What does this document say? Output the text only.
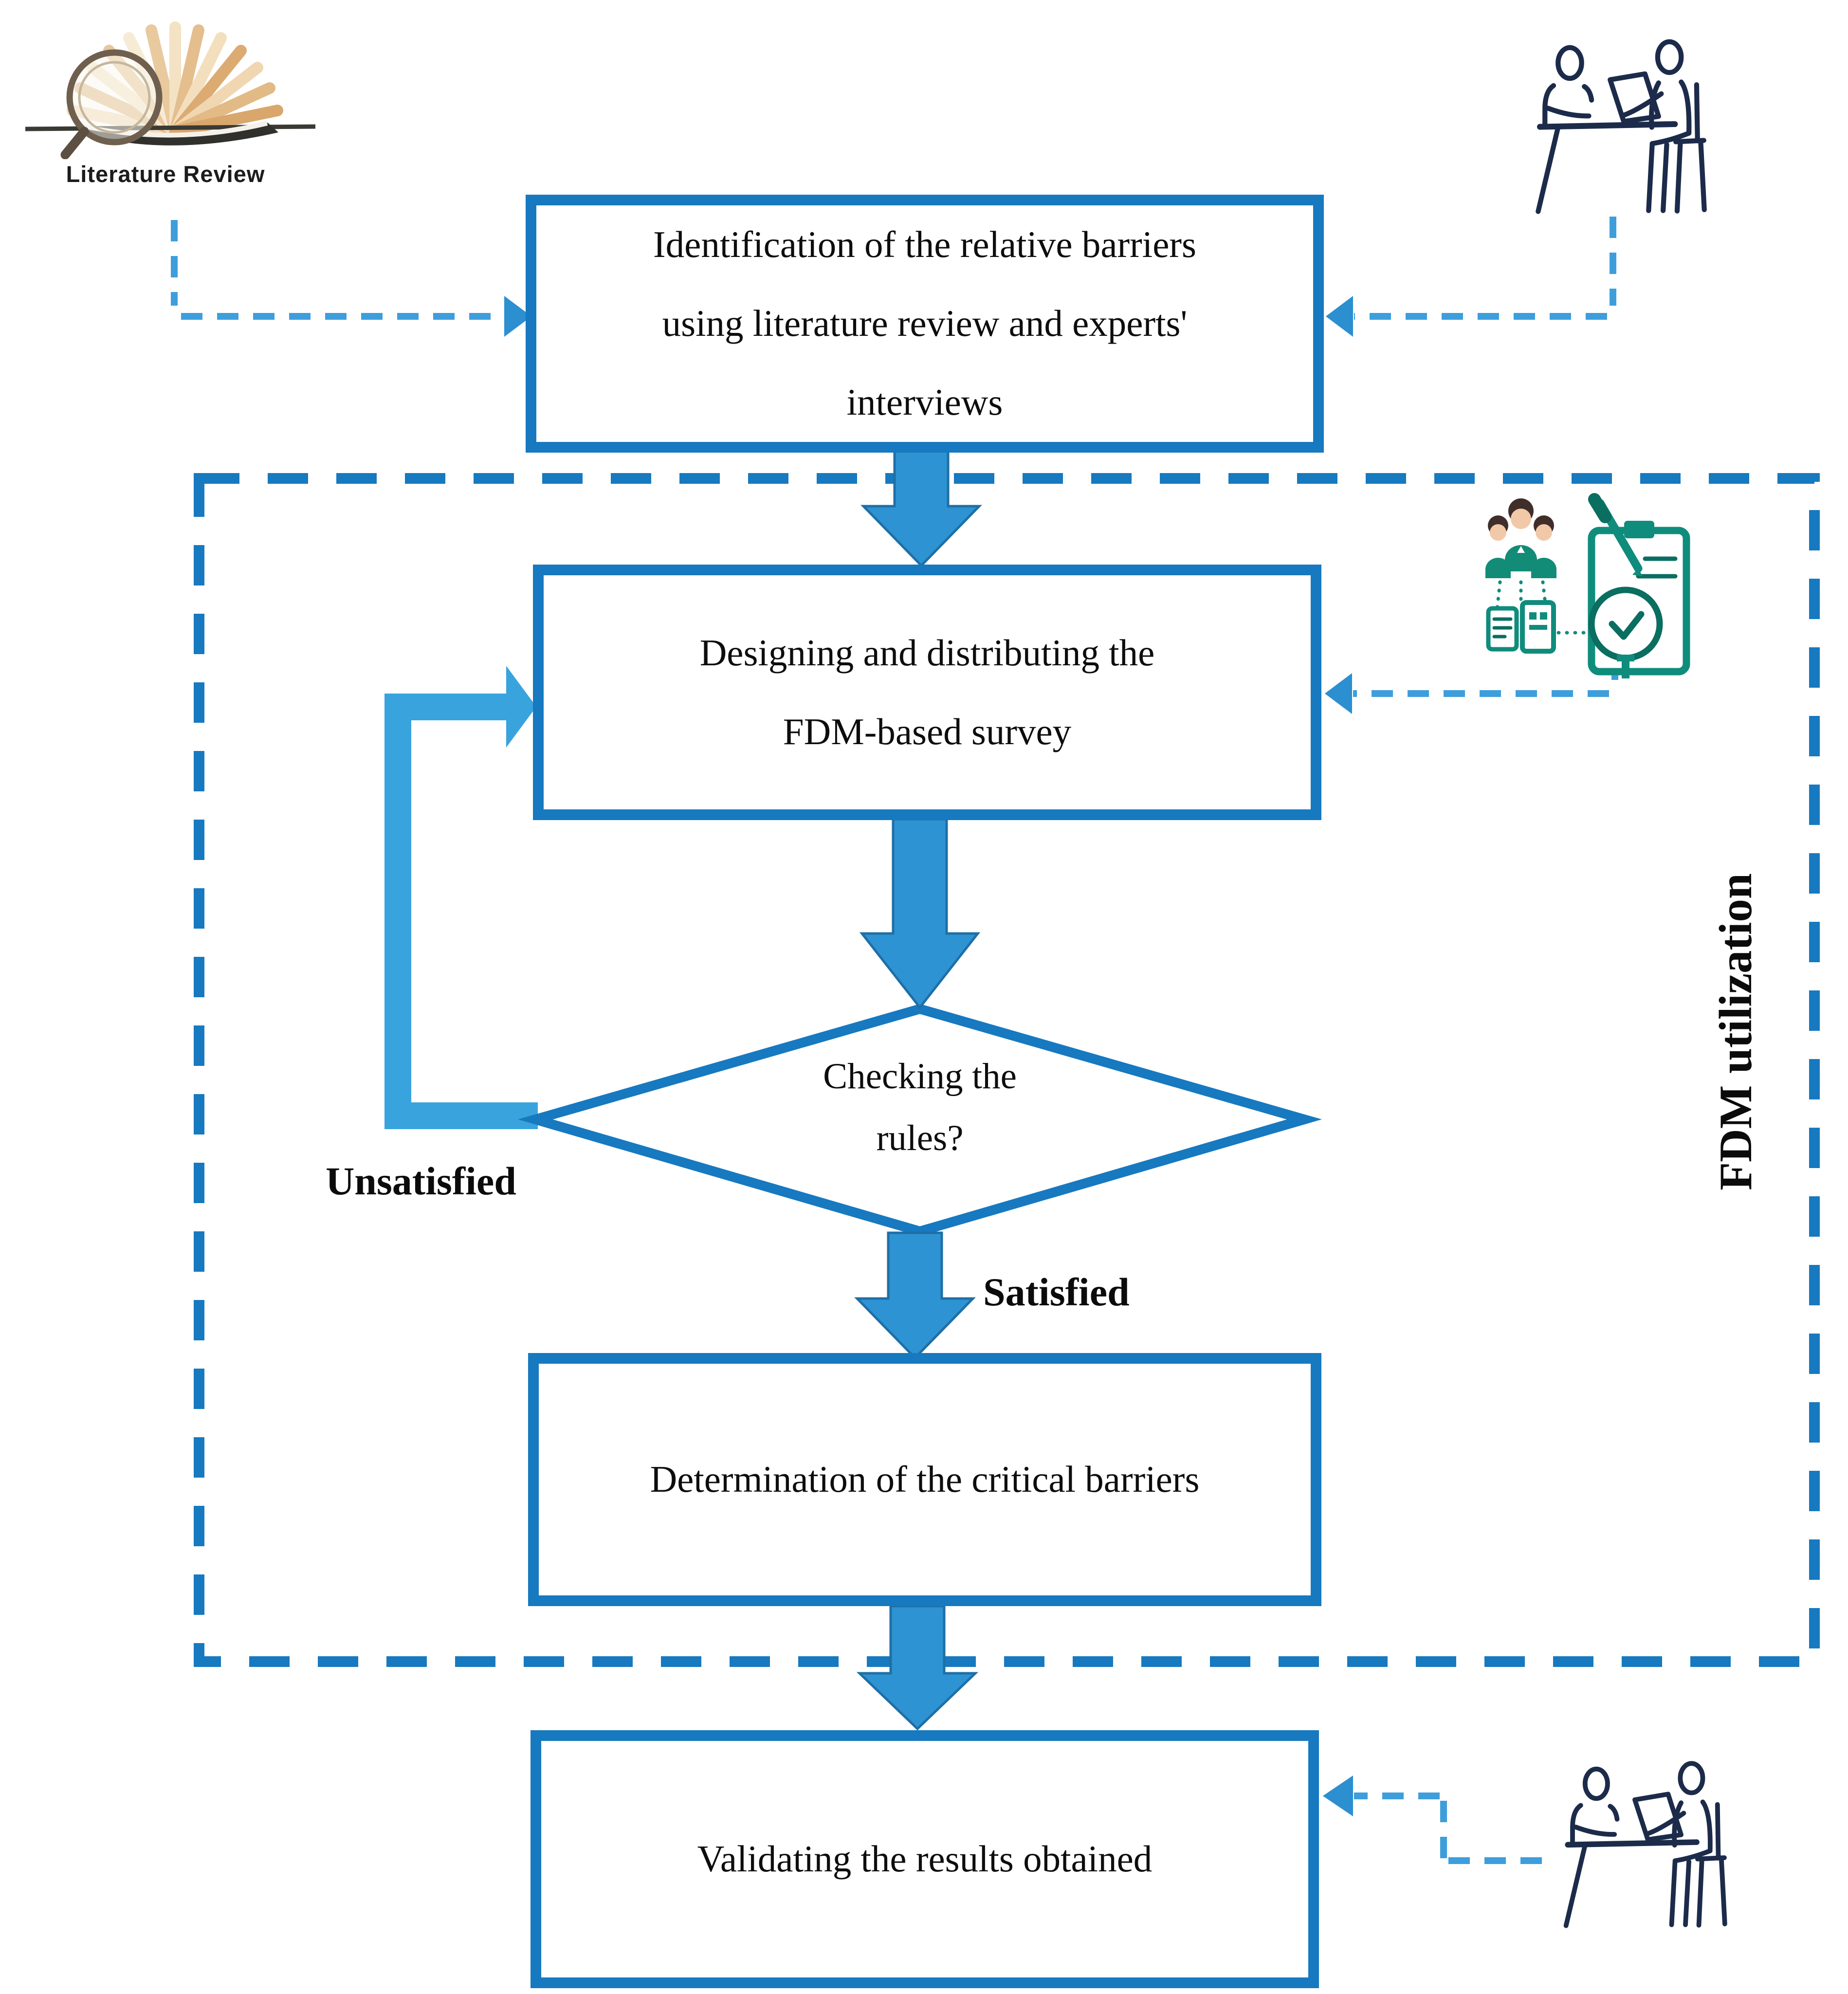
Identification of the relative barriers
using literature review and experts'
interviews
Designing and distributing the
FDM-based survey
Checking the
rules?
Determination of the critical barriers
Validating the results obtained
Unsatisfied
Satisfied
FDM utilization
Literature Review
